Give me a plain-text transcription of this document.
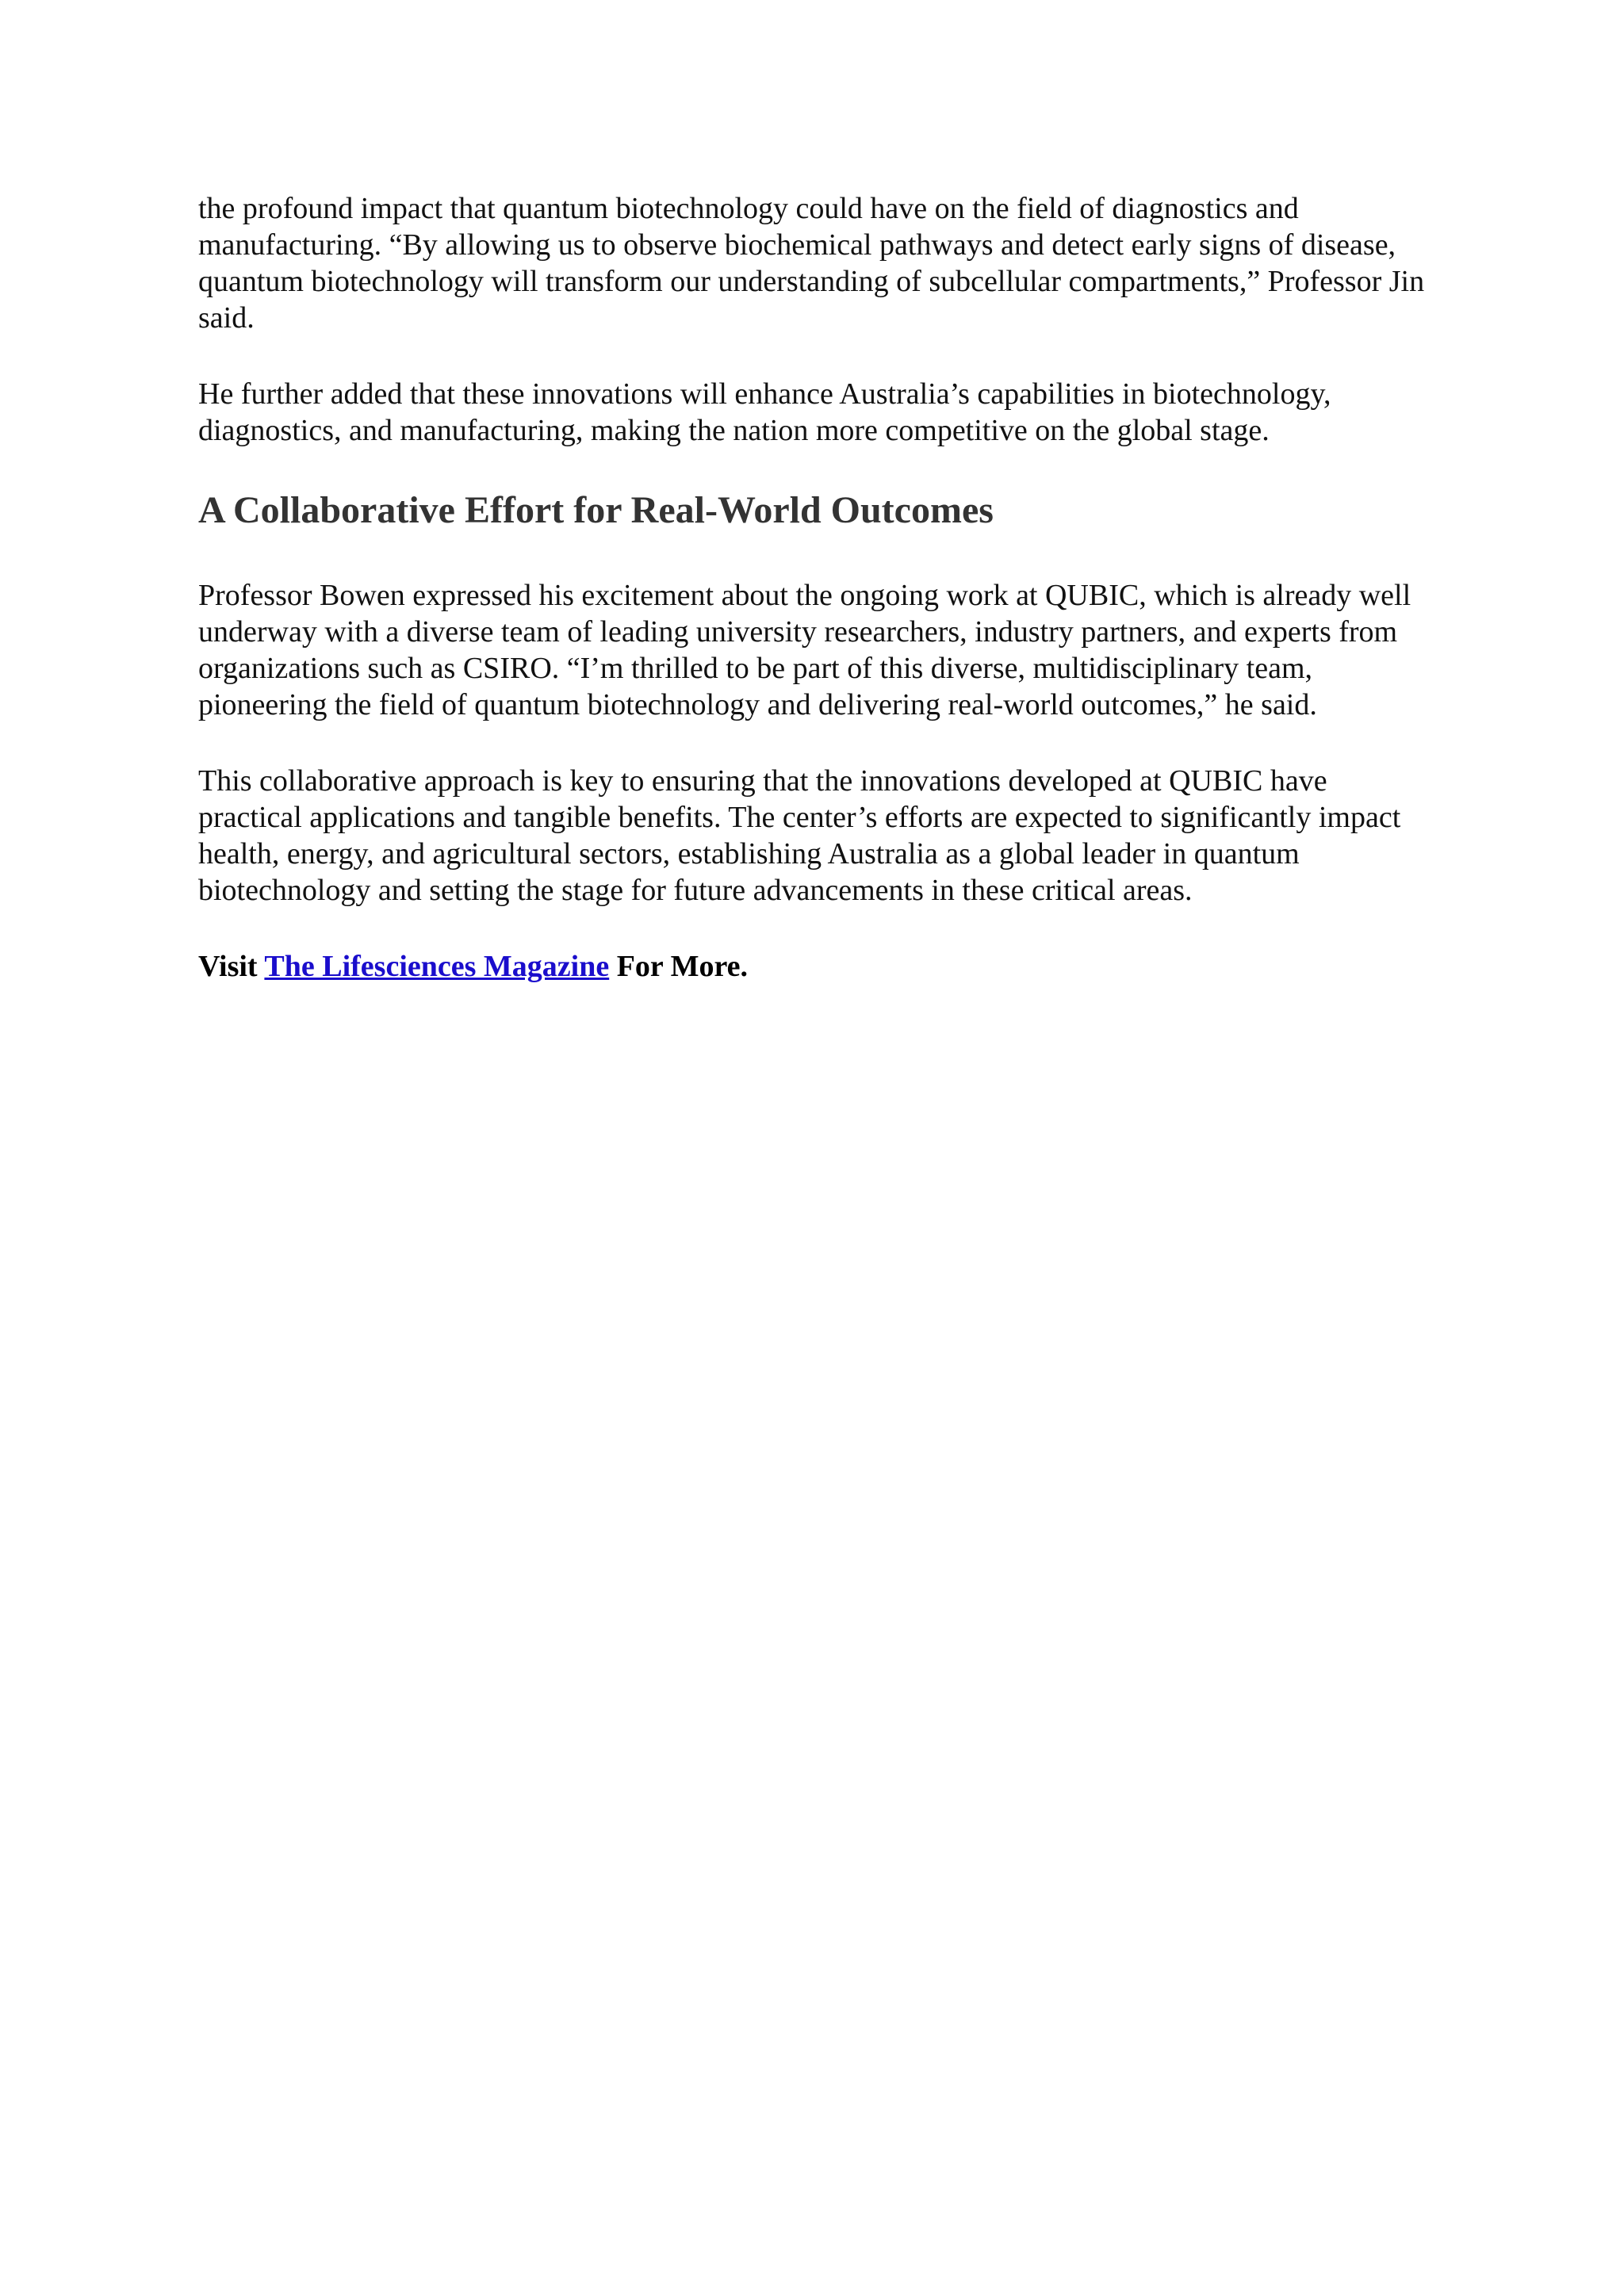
the profound impact that quantum biotechnology could have on the field of diagnostics and manufacturing. “By allowing us to observe biochemical pathways and detect early signs of disease, quantum biotechnology will transform our understanding of subcellular compartments,” Professor Jin said.

He further added that these innovations will enhance Australia’s capabilities in biotechnology, diagnostics, and manufacturing, making the nation more competitive on the global stage.

A Collaborative Effort for Real-World Outcomes

Professor Bowen expressed his excitement about the ongoing work at QUBIC, which is already well underway with a diverse team of leading university researchers, industry partners, and experts from organizations such as CSIRO. “I’m thrilled to be part of this diverse, multidisciplinary team, pioneering the field of quantum biotechnology and delivering real-world outcomes,” he said.

This collaborative approach is key to ensuring that the innovations developed at QUBIC have practical applications and tangible benefits. The center’s efforts are expected to significantly impact health, energy, and agricultural sectors, establishing Australia as a global leader in quantum biotechnology and setting the stage for future advancements in these critical areas.

Visit The Lifesciences Magazine For More.
